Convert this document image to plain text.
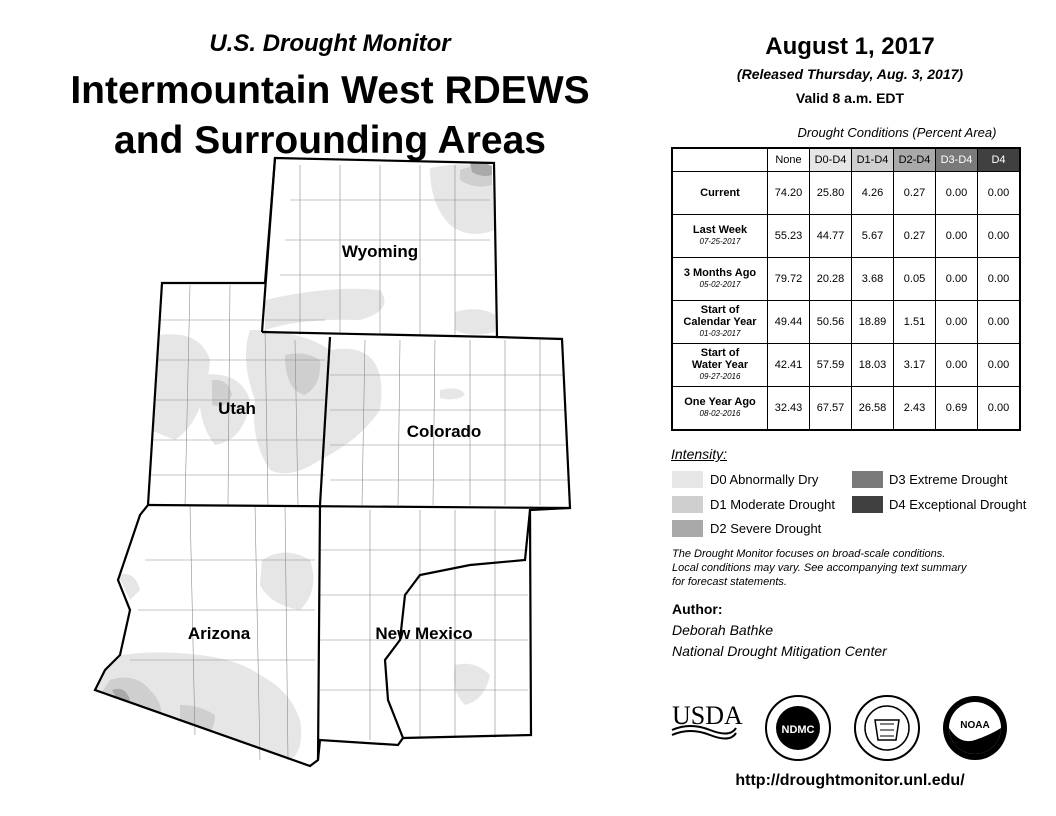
U.S. Drought Monitor
Intermountain West RDEWS
and Surrounding Areas
Wyoming
Utah
Colorado
Arizona	New Mexico
August 1, 2017
(Released Thursday, Aug. 3, 2017)
Valid 8 a.m. EDT
Drought Conditions (Percent Area)
	None	D0-D4	D1-D4	D2-D4	D3-D4	D4

Current	74.20	25.80	4.26	0.27	0.00	0.00

Last Week
07-25-2017	55.23	44.77	5.67	0.27	0.00	0.00

3 Months Ago
05-02-2017	79.72	20.28	3.68	0.05	0.00	0.00

Start of
Calendar Year
01-03-2017	49.44	50.56	18.89	1.51	0.00	0.00

Start of
Water Year
09-27-2016	42.41	57.59	18.03	3.17	0.00	0.00

One Year Ago
08-02-2016	32.43	67.57	26.58	2.43	0.69	0.00
Intensity:
D0 Abnormally Dry
D1 Moderate Drought
D2 Severe Drought
D3 Extreme Drought
D4 Exceptional Drought
The Drought Monitor focuses on broad-scale conditions.
Local conditions may vary. See accompanying text summary
for forecast statements.
Author:
Deborah Bathke
National Drought Mitigation Center
USDA	NDMC	NOAA
http://droughtmonitor.unl.edu/
